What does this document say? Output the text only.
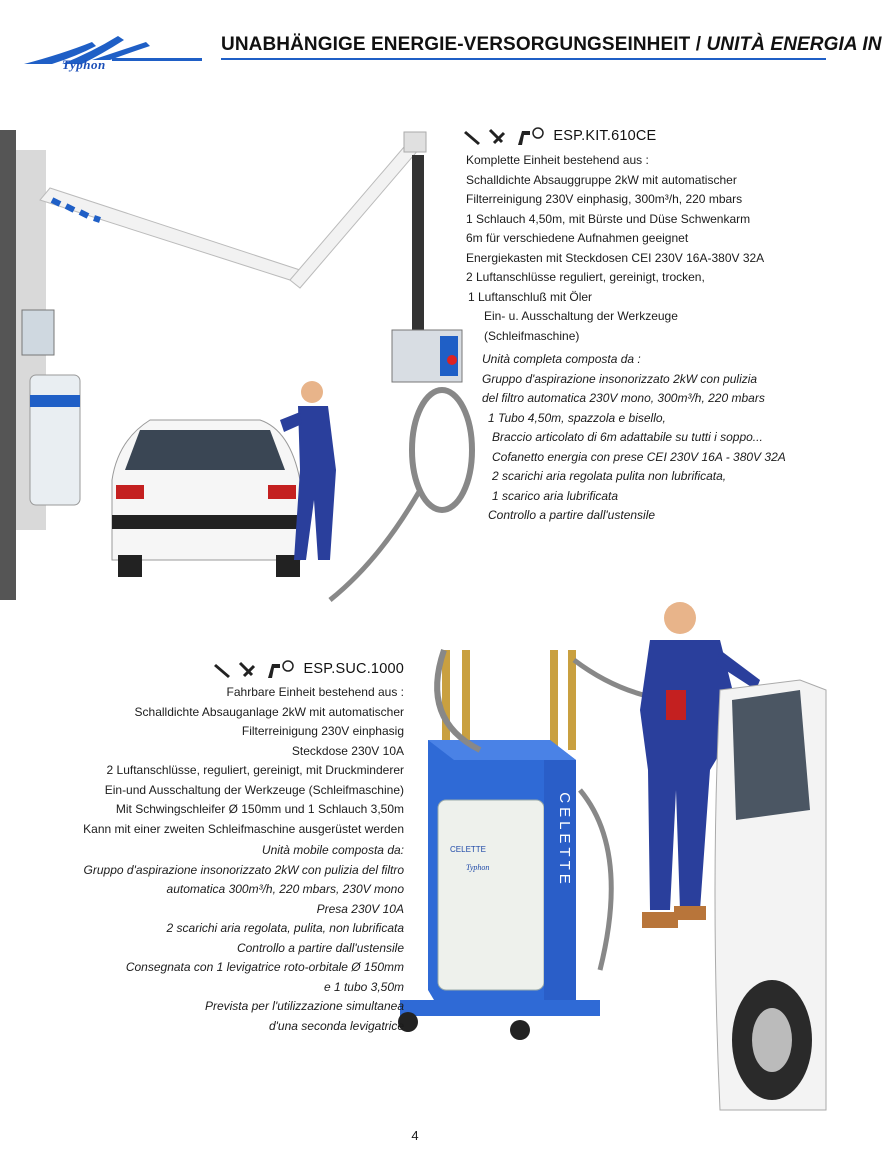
Typhon
UNABHÄNGIGE ENERGIE-VERSORGUNGSEINHEIT / UNITÀ ENERGIA IN
ESP.KIT.610CE
Komplette Einheit bestehend aus :
Schalldichte Absauggruppe 2kW mit automatischer
Filterreinigung 230V einphasig, 300m³/h, 220 mbars
1 Schlauch 4,50m, mit Bürste und Düse Schwenkarm
6m für verschiedene Aufnahmen geeignet
Energiekasten mit Steckdosen CEI 230V 16A-380V 32A
2 Luftanschlüsse reguliert, gereinigt, trocken,
1 Luftanschluß mit Öler
Ein- u. Ausschaltung der Werkzeuge
(Schleifmaschine)
Unità completa composta da :
Gruppo d'aspirazione insonorizzato 2kW con pulizia
del filtro automatica 230V mono, 300m³/h, 220 mbars
1 Tubo 4,50m, spazzola e bisello,
Braccio articolato di 6m adattabile su tutti i soppo...
Cofanetto energia con prese CEI 230V 16A - 380V 32A
2 scarichi aria regolata pulita non lubrificata,
1 scarico aria lubrificata
Controllo a partire dall'ustensile
CELETTE
Typhon	CELETTE
ESP.SUC.1000
Fahrbare Einheit bestehend aus :
Schalldichte Absauganlage 2kW mit automatischer
Filterreinigung 230V einphasig
Steckdose 230V 10A
2 Luftanschlüsse, reguliert, gereinigt, mit Druckminderer
Ein-und Ausschaltung der Werkzeuge (Schleifmaschine)
Mit Schwingschleifer Ø 150mm und 1 Schlauch 3,50m
Kann mit einer zweiten Schleifmaschine ausgerüstet werden
Unità mobile composta da:
Gruppo d'aspirazione insonorizzato 2kW con pulizia del filtro
automatica 300m³/h, 220 mbars, 230V mono
Presa 230V 10A
2 scarichi aria regolata, pulita, non lubrificata
Controllo a partire dall'ustensile
Consegnata con 1 levigatrice roto-orbitale Ø 150mm
e 1 tubo 3,50m
Prevista per l'utilizzazione simultanea
d'una seconda levigatrice
4
